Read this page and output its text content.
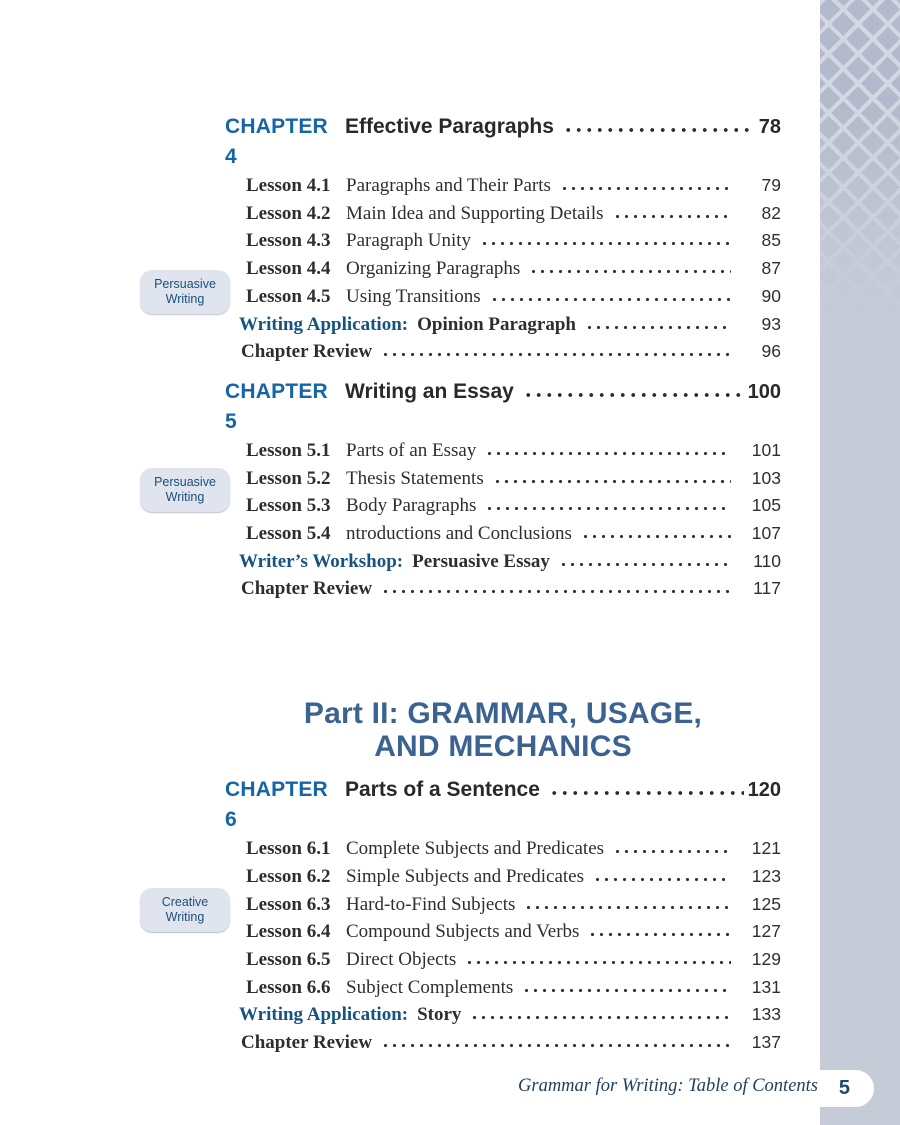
Persuasive
Writing
Persuasive
Writing
Creative
Writing
CHAPTER 4
Effective Paragraphs	78
Lesson 4.1 Paragraphs and Their Parts	79
Lesson 4.2 Main Idea and Supporting Details	82
Lesson 4.3 Paragraph Unity	85
Lesson 4.4 Organizing Paragraphs	87
Lesson 4.5 Using Transitions	90
Writing Application: Opinion Paragraph	93
Chapter Review	96
CHAPTER 5
Writing an Essay	100
Lesson 5.1 Parts of an Essay	101
Lesson 5.2 Thesis Statements	103
Lesson 5.3 Body Paragraphs	105
Lesson 5.4 ntroductions and Conclusions	107
Writer’s Workshop: Persuasive Essay	110
Chapter Review	117
Part II: GRAMMAR, USAGE,
AND MECHANICS
CHAPTER 6
Parts of a Sentence	120
Lesson 6.1 Complete Subjects and Predicates	121
Lesson 6.2 Simple Subjects and Predicates	123
Lesson 6.3 Hard-to-Find Subjects	125
Lesson 6.4 Compound Subjects and Verbs	127
Lesson 6.5 Direct Objects	129
Lesson 6.6 Subject Complements	131
Writing Application: Story	133
Chapter Review	137
5
Grammar for Writing: Table of Contents
